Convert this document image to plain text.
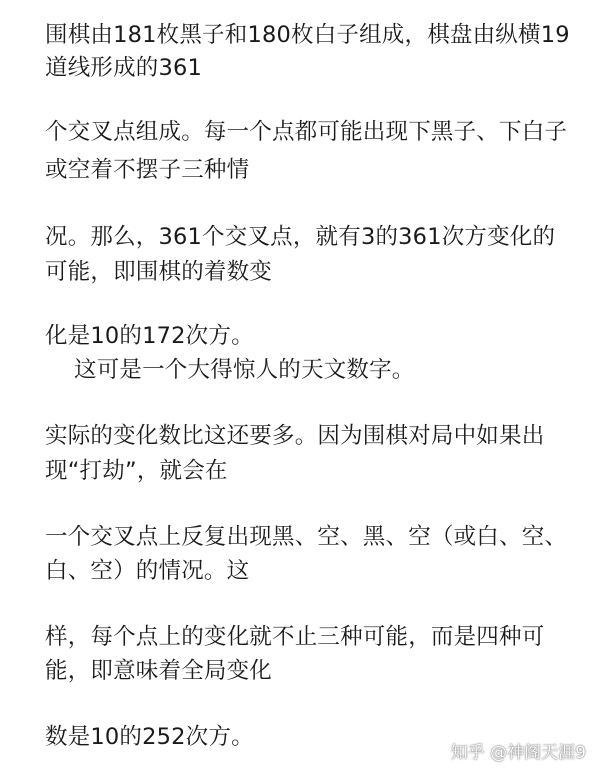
围棋由181枚黑子和180枚白子组成，棋盘由纵横19
道线形成的361
个交叉点组成。每一个点都可能出现下黑子、下白子
或空着不摆子三种情
况。那么，361个交叉点，就有3的361次方变化的
可能，即围棋的着数变
化是10的172次方。
这可是一个大得惊人的天文数字。
实际的变化数比这还要多。因为围棋对局中如果出
现“打劫”，就会在
一个交叉点上反复出现黑、空、黑、空（或白、空、
白、空）的情况。这
样，每个点上的变化就不止三种可能，而是四种可
能，即意味着全局变化
数是10的252次方。
知乎 @神阁天涯9
